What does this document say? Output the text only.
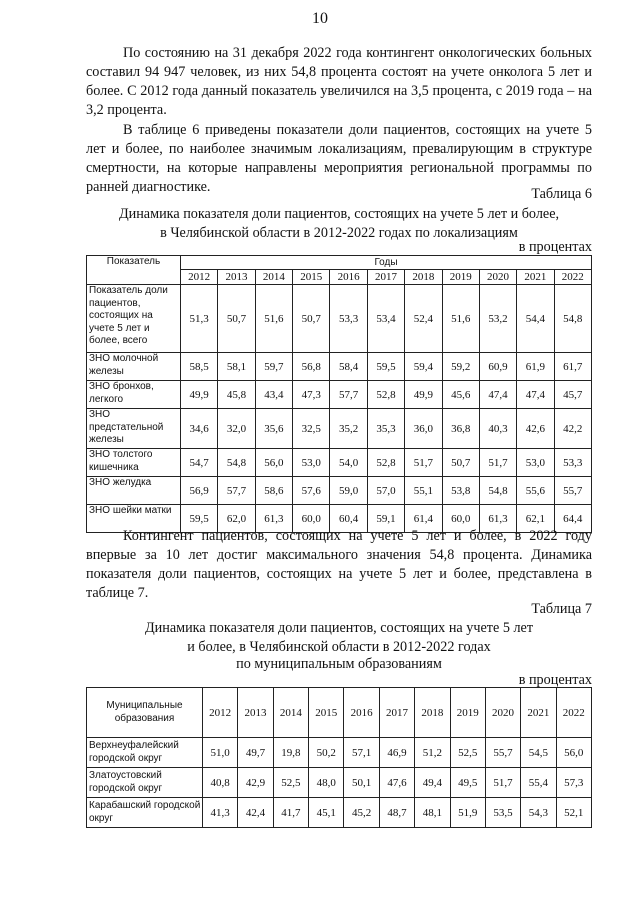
10

По состоянию на 31 декабря 2022 года контингент онкологических больных составил 94 947 человек, из них 54,8 процента состоят на учете онколога 5 лет и более. С 2012 года данный показатель увеличился на 3,5 процента, с 2019 года – на 3,2 процента.

В таблице 6 приведены показатели доли пациентов, состоящих на учете 5 лет и более, по наиболее значимым локализациям, превалирующим в структуре смертности, на которые направлены мероприятия региональной программы по ранней диагностике.	Таблица 6

Динамика показателя доли пациентов, состоящих на учете 5 лет и более,

в Челябинской области в 2012-2022 годах по локализациям

в процентах
Показатель	Годы										
	2012	2013	2014	2015	2016	2017	2018	2019	2020	2021	2022
Показатель доли пациентов, состоящих на учете 5 лет и более, всего	51,3	50,7	51,6	50,7	53,3	53,4	52,4	51,6	53,2	54,4	54,8
ЗНО молочной железы	58,5	58,1	59,7	56,8	58,4	59,5	59,4	59,2	60,9	61,9	61,7
ЗНО бронхов, легкого	49,9	45,8	43,4	47,3	57,7	52,8	49,9	45,6	47,4	47,4	45,7
ЗНО предстательной железы	34,6	32,0	35,6	32,5	35,2	35,3	36,0	36,8	40,3	42,6	42,2
ЗНО толстого кишечника	54,7	54,8	56,0	53,0	54,0	52,8	51,7	50,7	51,7	53,0	53,3
ЗНО желудка	56,9	57,7	58,6	57,6	59,0	57,0	55,1	53,8	54,8	55,6	55,7
ЗНО шейки матки	59,5	62,0	61,3	60,0	60,4	59,1	61,4	60,0	61,3	62,1	64,4

Контингент пациентов, состоящих на учете 5 лет и более, в 2022 году впервые за 10 лет достиг максимального значения 54,8 процента. Динамика показателя доли пациентов, состоящих на учете 5 лет и более, представлена в таблице 7.

Таблица 7

Динамика показателя доли пациентов, состоящих на учете 5 лет

и более, в Челябинской области в 2012-2022 годах

по муниципальным образованиям

в процентах
Муниципальные образования	2012	2013	2014	2015	2016	2017	2018	2019	2020	2021	2022
Верхнеуфалейский городской округ	51,0	49,7	19,8	50,2	57,1	46,9	51,2	52,5	55,7	54,5	56,0
Златоустовский городской округ	40,8	42,9	52,5	48,0	50,1	47,6	49,4	49,5	51,7	55,4	57,3
Карабашский городской округ	41,3	42,4	41,7	45,1	45,2	48,7	48,1	51,9	53,5	54,3	52,1
